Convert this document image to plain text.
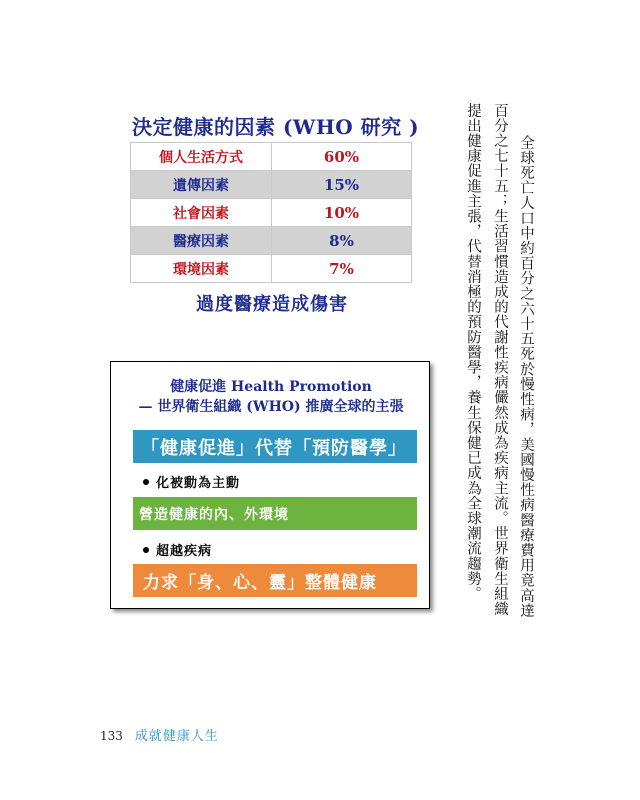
決定健康的因素 (WHO 研究 )
個人生活方式	60%
遺傳因素	15%
社會因素	10%
醫療因素	8%
環境因素	7%
過度醫療造成傷害
健康促進 Health Promotion
— 世界衛生組織 (WHO) 推廣全球的主張
「健康促進」代替「預防醫學」
化被動為主動
營造健康的內、外環境
超越疾病
力求「身、心、靈」整體健康	全球死亡人口中約百分之六十五死於慢性病，美國慢性病醫療費用竟高達
百分之七十五；生活習慣造成的代謝性疾病儼然成為疾病主流。世界衛生組織
提出健康促進主張，代替消極的預防醫學，養生保健已成為全球潮流趨勢。
133 成就健康人生
